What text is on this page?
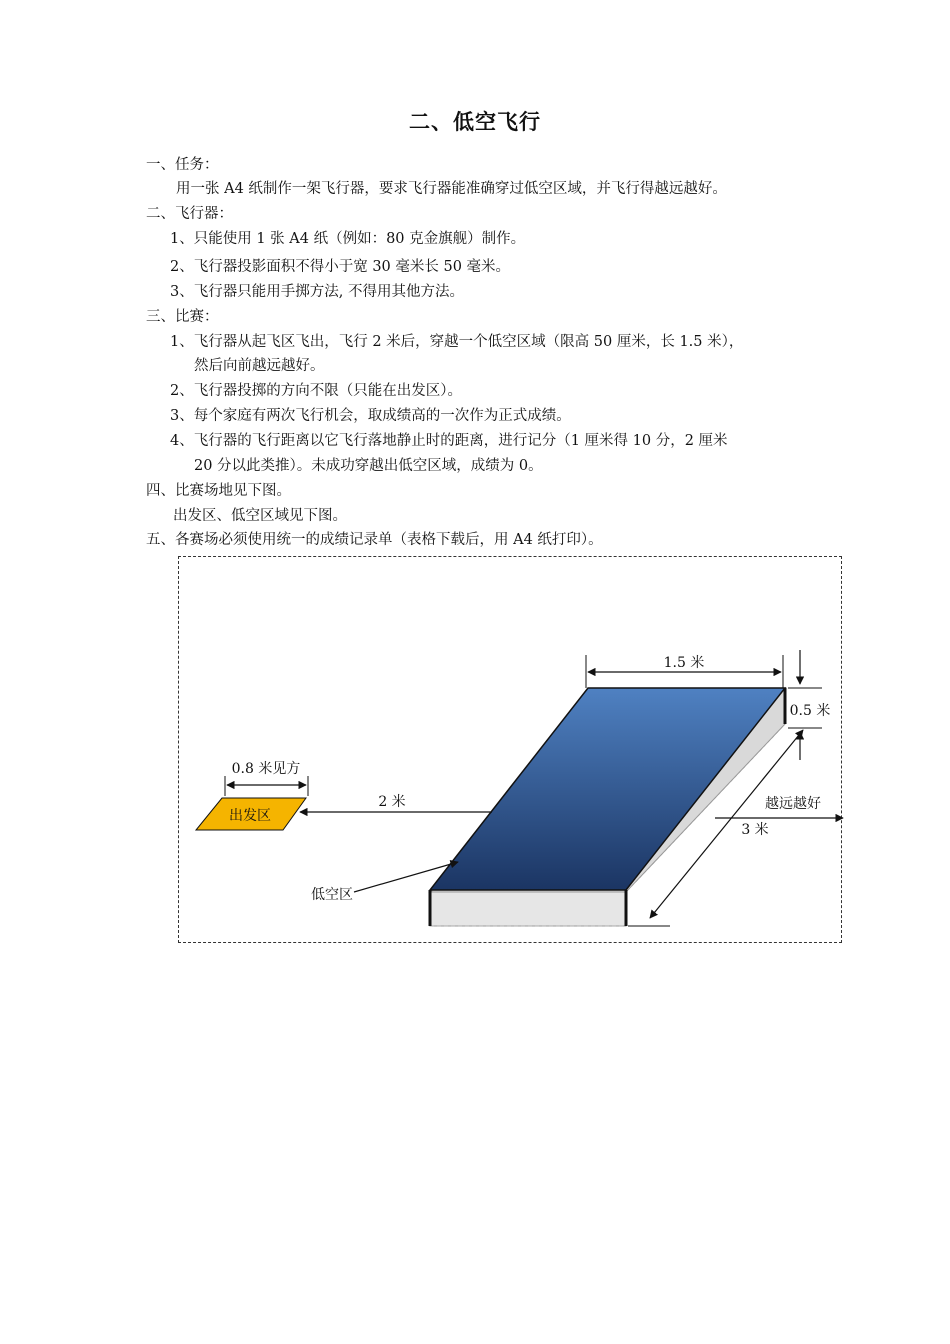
二、低空飞行
一、任务：
用一张 A4 纸制作一架飞行器，要求飞行器能准确穿过低空区域，并飞行得越远越好。
二、飞行器：
1、只能使用 1 张 A4 纸（例如：80 克金旗舰）制作。
2、飞行器投影面积不得小于宽 30 毫米长 50 毫米。
3、飞行器只能用手掷方法, 不得用其他方法。
三、比赛：
1、飞行器从起飞区飞出，飞行 2 米后，穿越一个低空区域（限高 50 厘米，长 1.5 米），
然后向前越远越好。
2、飞行器投掷的方向不限（只能在出发区）。
3、每个家庭有两次飞行机会，取成绩高的一次作为正式成绩。
4、飞行器的飞行距离以它飞行落地静止时的距离，进行记分（1 厘米得 10 分，2 厘米
20 分以此类推）。未成功穿越出低空区域，成绩为 0。
四、比赛场地见下图。
出发区、低空区域见下图。
五、各赛场必须使用统一的成绩记录单（表格下载后，用 A4 纸打印）。
1.5 米
0.5 米
3 米
越远越好
0.8 米见方
出发区
2 米
低空区
